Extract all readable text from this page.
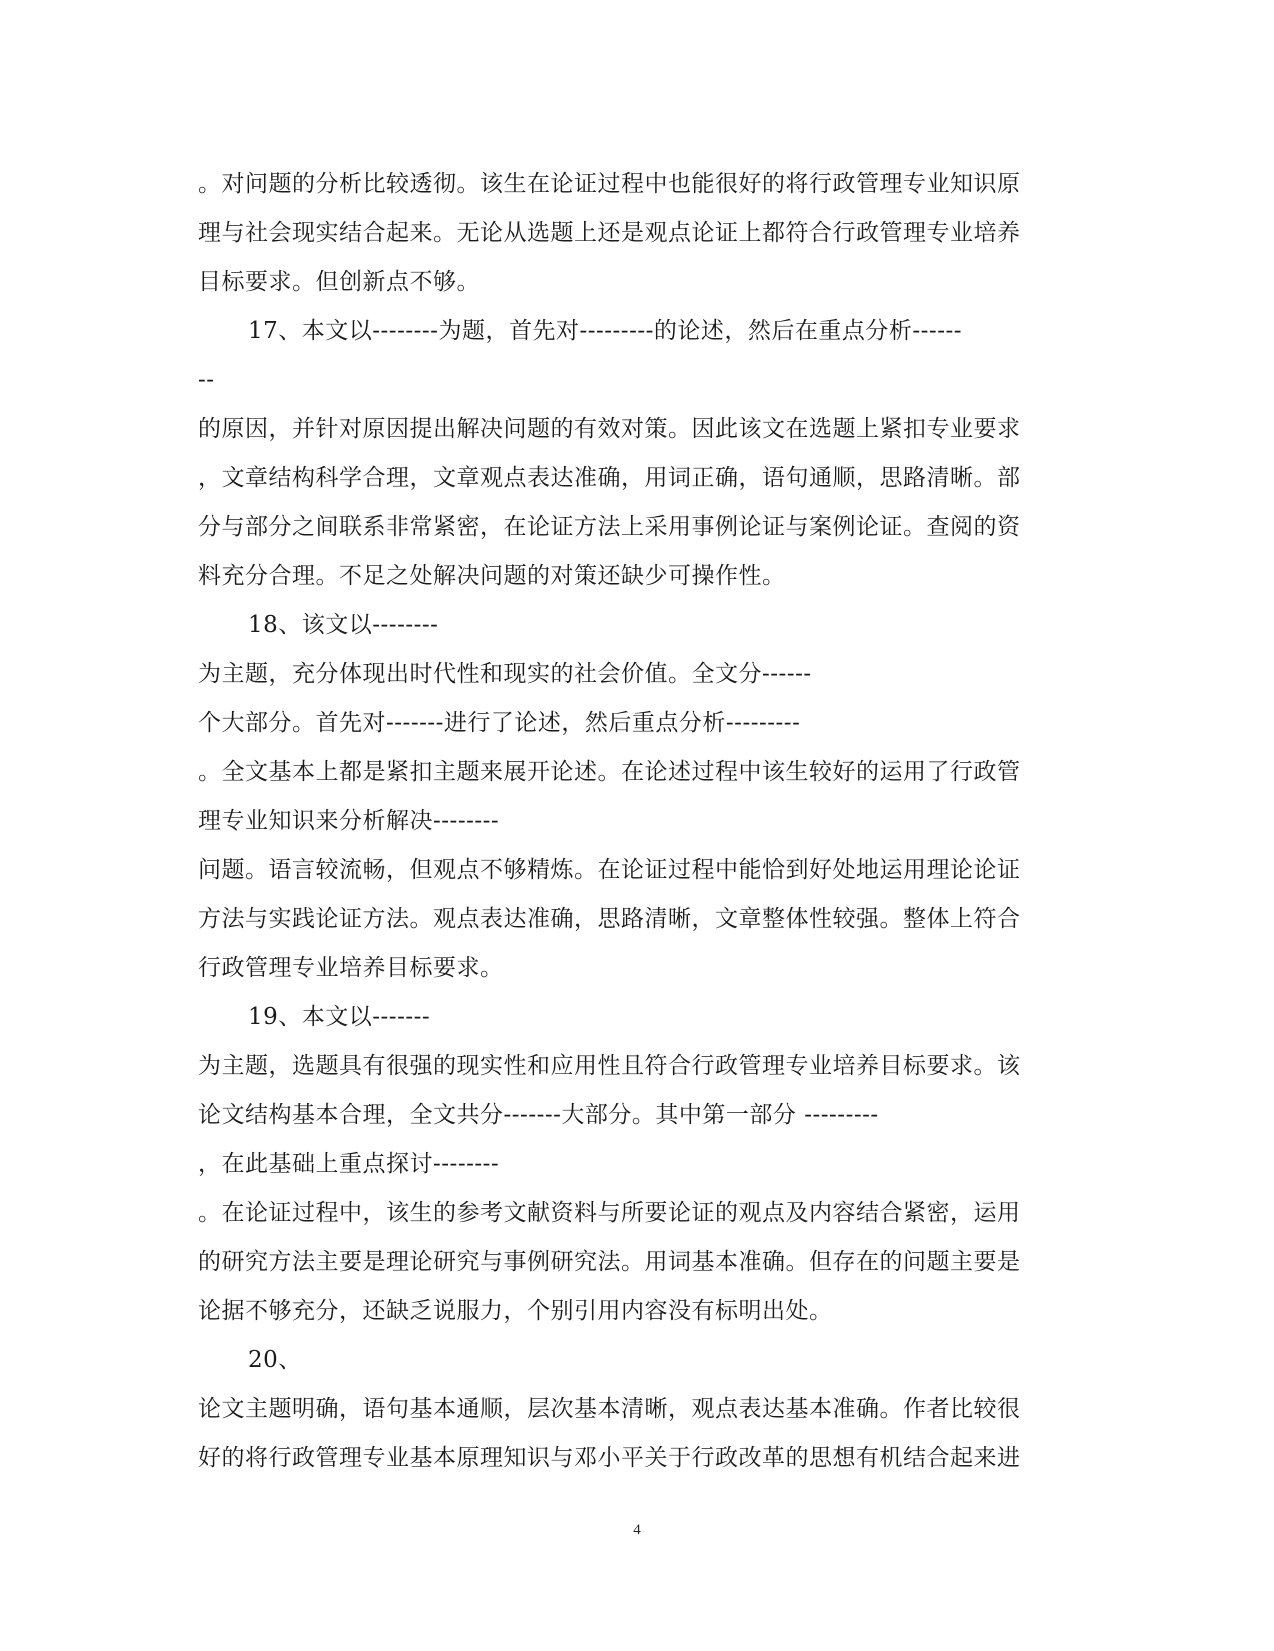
。对问题的分析比较透彻。该生在论证过程中也能很好的将行政管理专业知识原
理与社会现实结合起来。无论从选题上还是观点论证上都符合行政管理专业培养
目标要求。但创新点不够。
17、本文以--------为题，首先对---------的论述，然后在重点分析------
--
的原因，并针对原因提出解决问题的有效对策。因此该文在选题上紧扣专业要求
，文章结构科学合理，文章观点表达准确，用词正确，语句通顺，思路清晰。部
分与部分之间联系非常紧密，在论证方法上采用事例论证与案例论证。查阅的资
料充分合理。不足之处解决问题的对策还缺少可操作性。
18、该文以--------
为主题，充分体现出时代性和现实的社会价值。全文分------
个大部分。首先对-------进行了论述，然后重点分析---------
。全文基本上都是紧扣主题来展开论述。在论述过程中该生较好的运用了行政管
理专业知识来分析解决--------
问题。语言较流畅，但观点不够精炼。在论证过程中能恰到好处地运用理论论证
方法与实践论证方法。观点表达准确，思路清晰，文章整体性较强。整体上符合
行政管理专业培养目标要求。
19、本文以-------
为主题，选题具有很强的现实性和应用性且符合行政管理专业培养目标要求。该
论文结构基本合理，全文共分-------大部分。其中第一部分 ---------
，在此基础上重点探讨--------
。在论证过程中，该生的参考文献资料与所要论证的观点及内容结合紧密，运用
的研究方法主要是理论研究与事例研究法。用词基本准确。但存在的问题主要是
论据不够充分，还缺乏说服力，个别引用内容没有标明出处。
20、
论文主题明确，语句基本通顺，层次基本清晰，观点表达基本准确。作者比较很
好的将行政管理专业基本原理知识与邓小平关于行政改革的思想有机结合起来进
4
